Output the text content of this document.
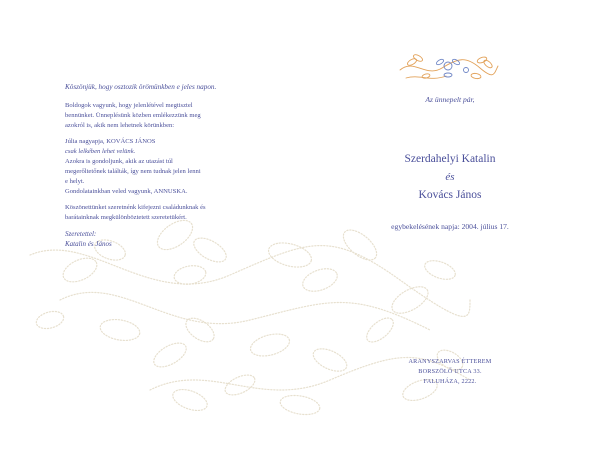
Köszönjük, hogy osztozik örömünkben e jeles napon.

Boldogok vagyunk, hogy jelenlétével megtisztel
bennünket. Ünneplésünk közben emlékezzünk meg
azokról is, akik nem lehetnek körünkben:

Júlia nagyapja, KOVÁCS JÁNOS
csak lelkében lehet velünk.
Azokra is gondoljunk, akik az utazást túl
megerőltetőnek találták, így nem tudnak jelen lenni
e helyt.
Gondolatainkban veled vagyunk, ANNUSKA.

Köszönettünket szeretnénk kifejezni családunknak és
barátainknak megkülönböztetett szeretetükért.

Szeretettel:

Katalin és János

Az ünnepelt pár,
Szerdahelyi Katalin
és
Kovács János
egybekelésének napja: 2004. július 17.
ARANYSZARVAS ÉTTEREM
BORSZÖLŐ UTCA 33.
FALUHÁZA, 2222.
